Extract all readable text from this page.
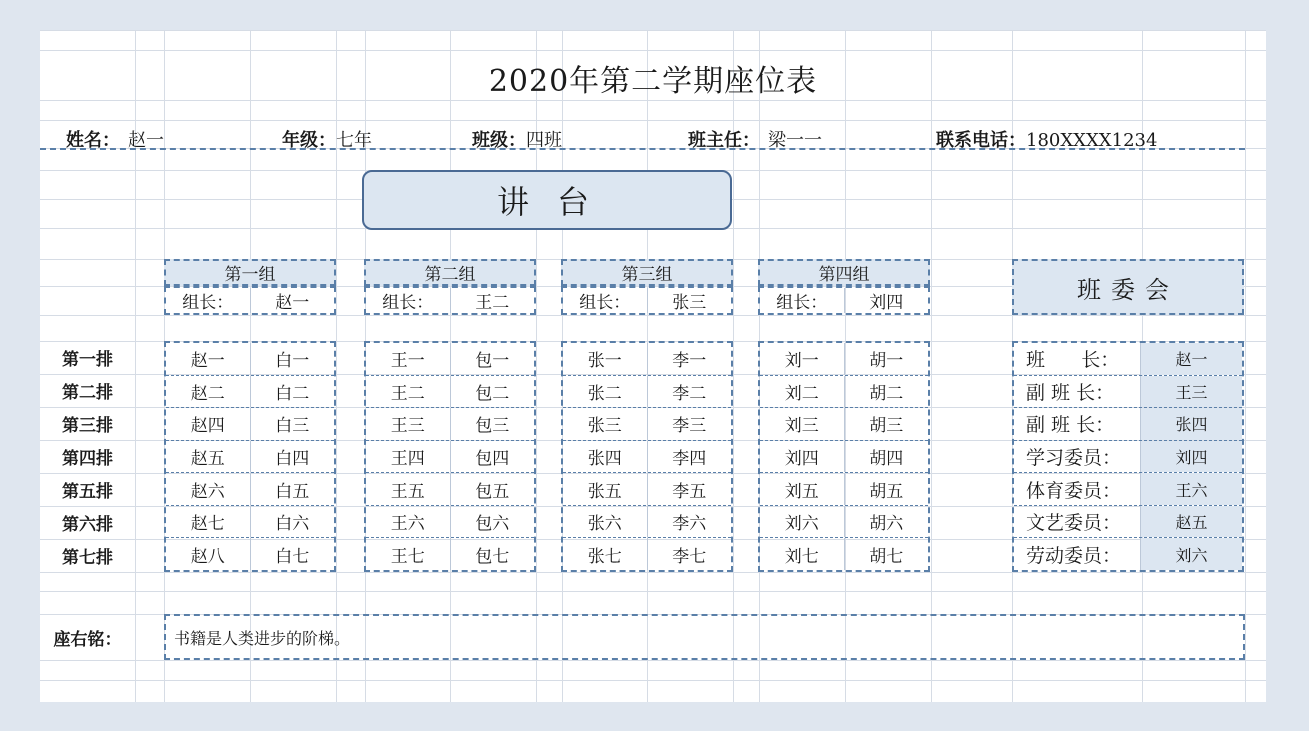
2020年第二学期座位表
姓名： 赵一	年级：七年	班级：四班	班主任： 梁一一	联系电话：180XXXX1234
讲台
班委会
座右铭：	书籍是人类进步的阶梯。
第一排
第二排
第三排
第四排
第五排
第六排
第七排
第一组
组长：	赵一
赵一	白一
赵二	白二
赵四	白三
赵五	白四
赵六	白五
赵七	白六
赵八	白七
第二组
组长：	王二
王一	包一
王二	包二
王三	包三
王四	包四
王五	包五
王六	包六
王七	包七
第三组
组长：	张三
张一	李一
张二	李二
张三	李三
张四	李四
张五	李五
张六	李六
张七	李七
第四组
组长：	刘四
刘一	胡一
刘二	胡二
刘三	胡三
刘四	胡四
刘五	胡五
刘六	胡六
刘七	胡七
班      长：	赵一
副 班 长：	王三
副 班 长：	张四
学习委员：	刘四
体育委员：	王六
文艺委员：	赵五
劳动委员：	刘六
